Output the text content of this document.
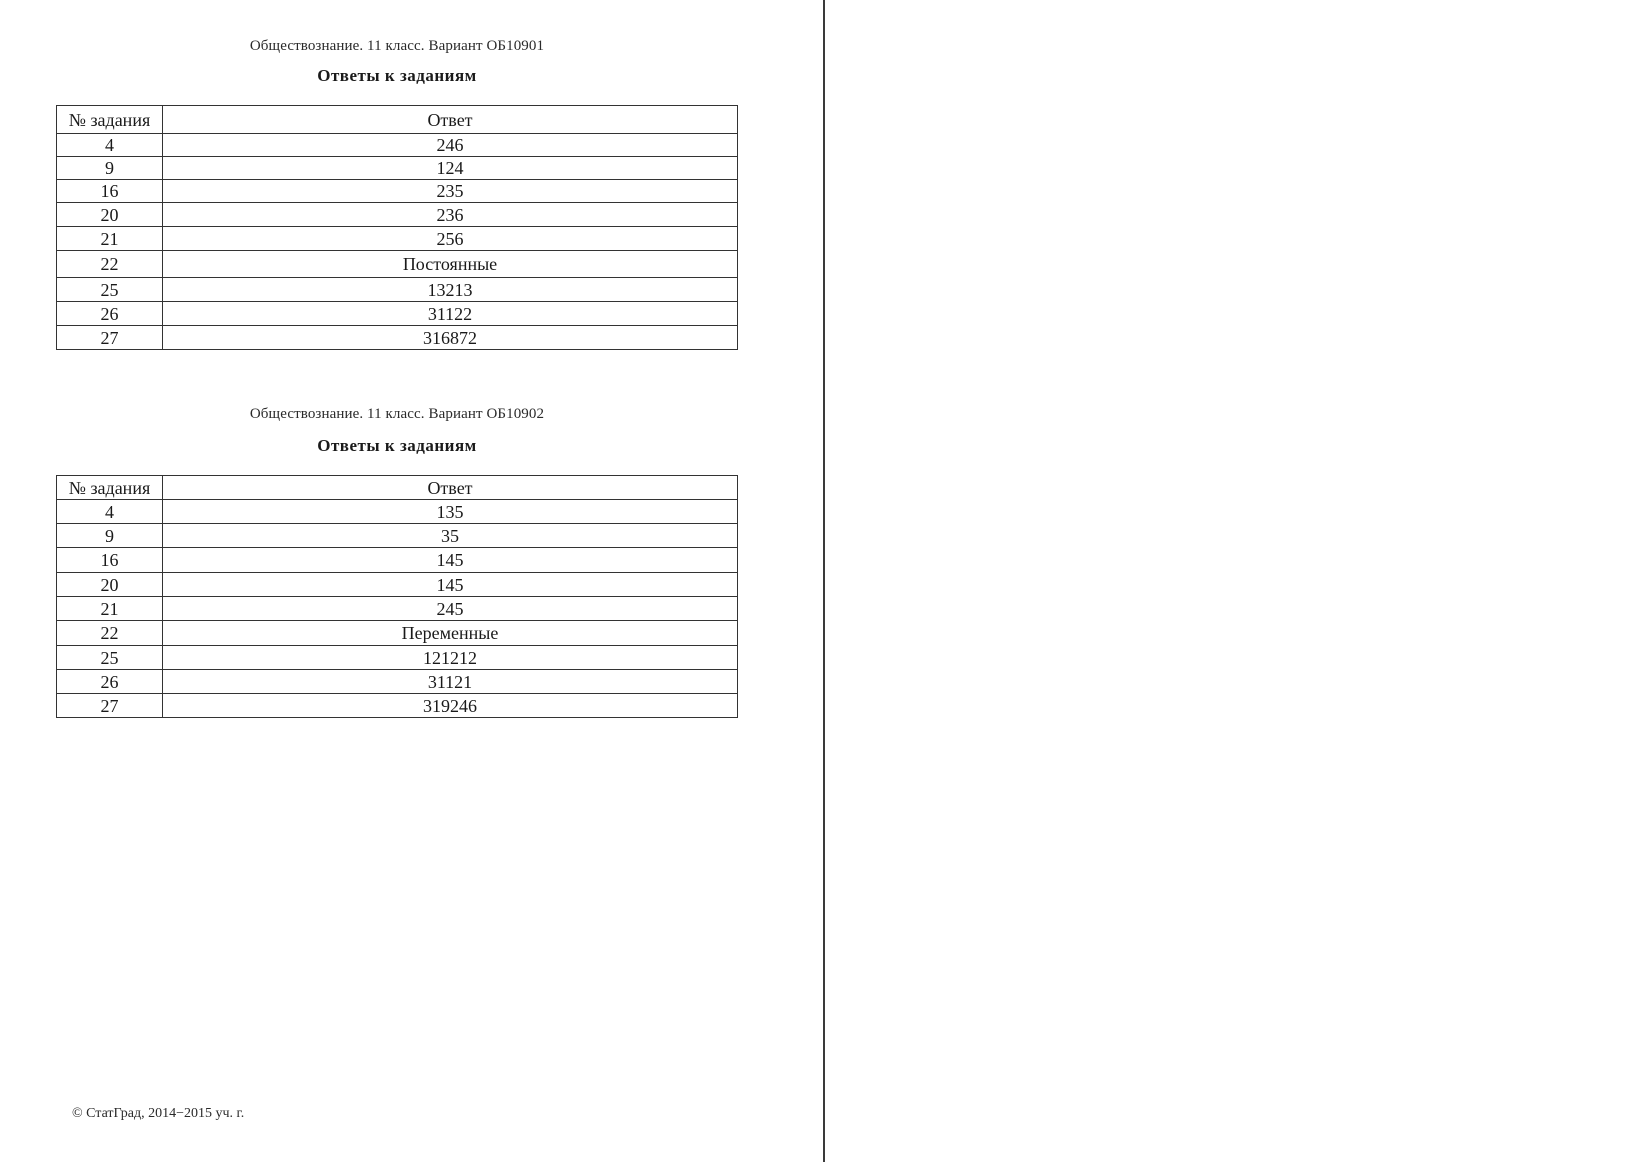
Обществознание. 11 класс. Вариант ОБ10901
Ответы к заданиям
№ задания	Ответ
4	246
9	124
16	235
20	236
21	256
22	Постоянные
25	13213
26	31122
27	316872
Обществознание. 11 класс. Вариант ОБ10902
Ответы к заданиям
№ задания	Ответ
4	135
9	35
16	145
20	145
21	245
22	Переменные
25	121212
26	31121
27	319246
© СтатГрад, 2014−2015 уч. г.
